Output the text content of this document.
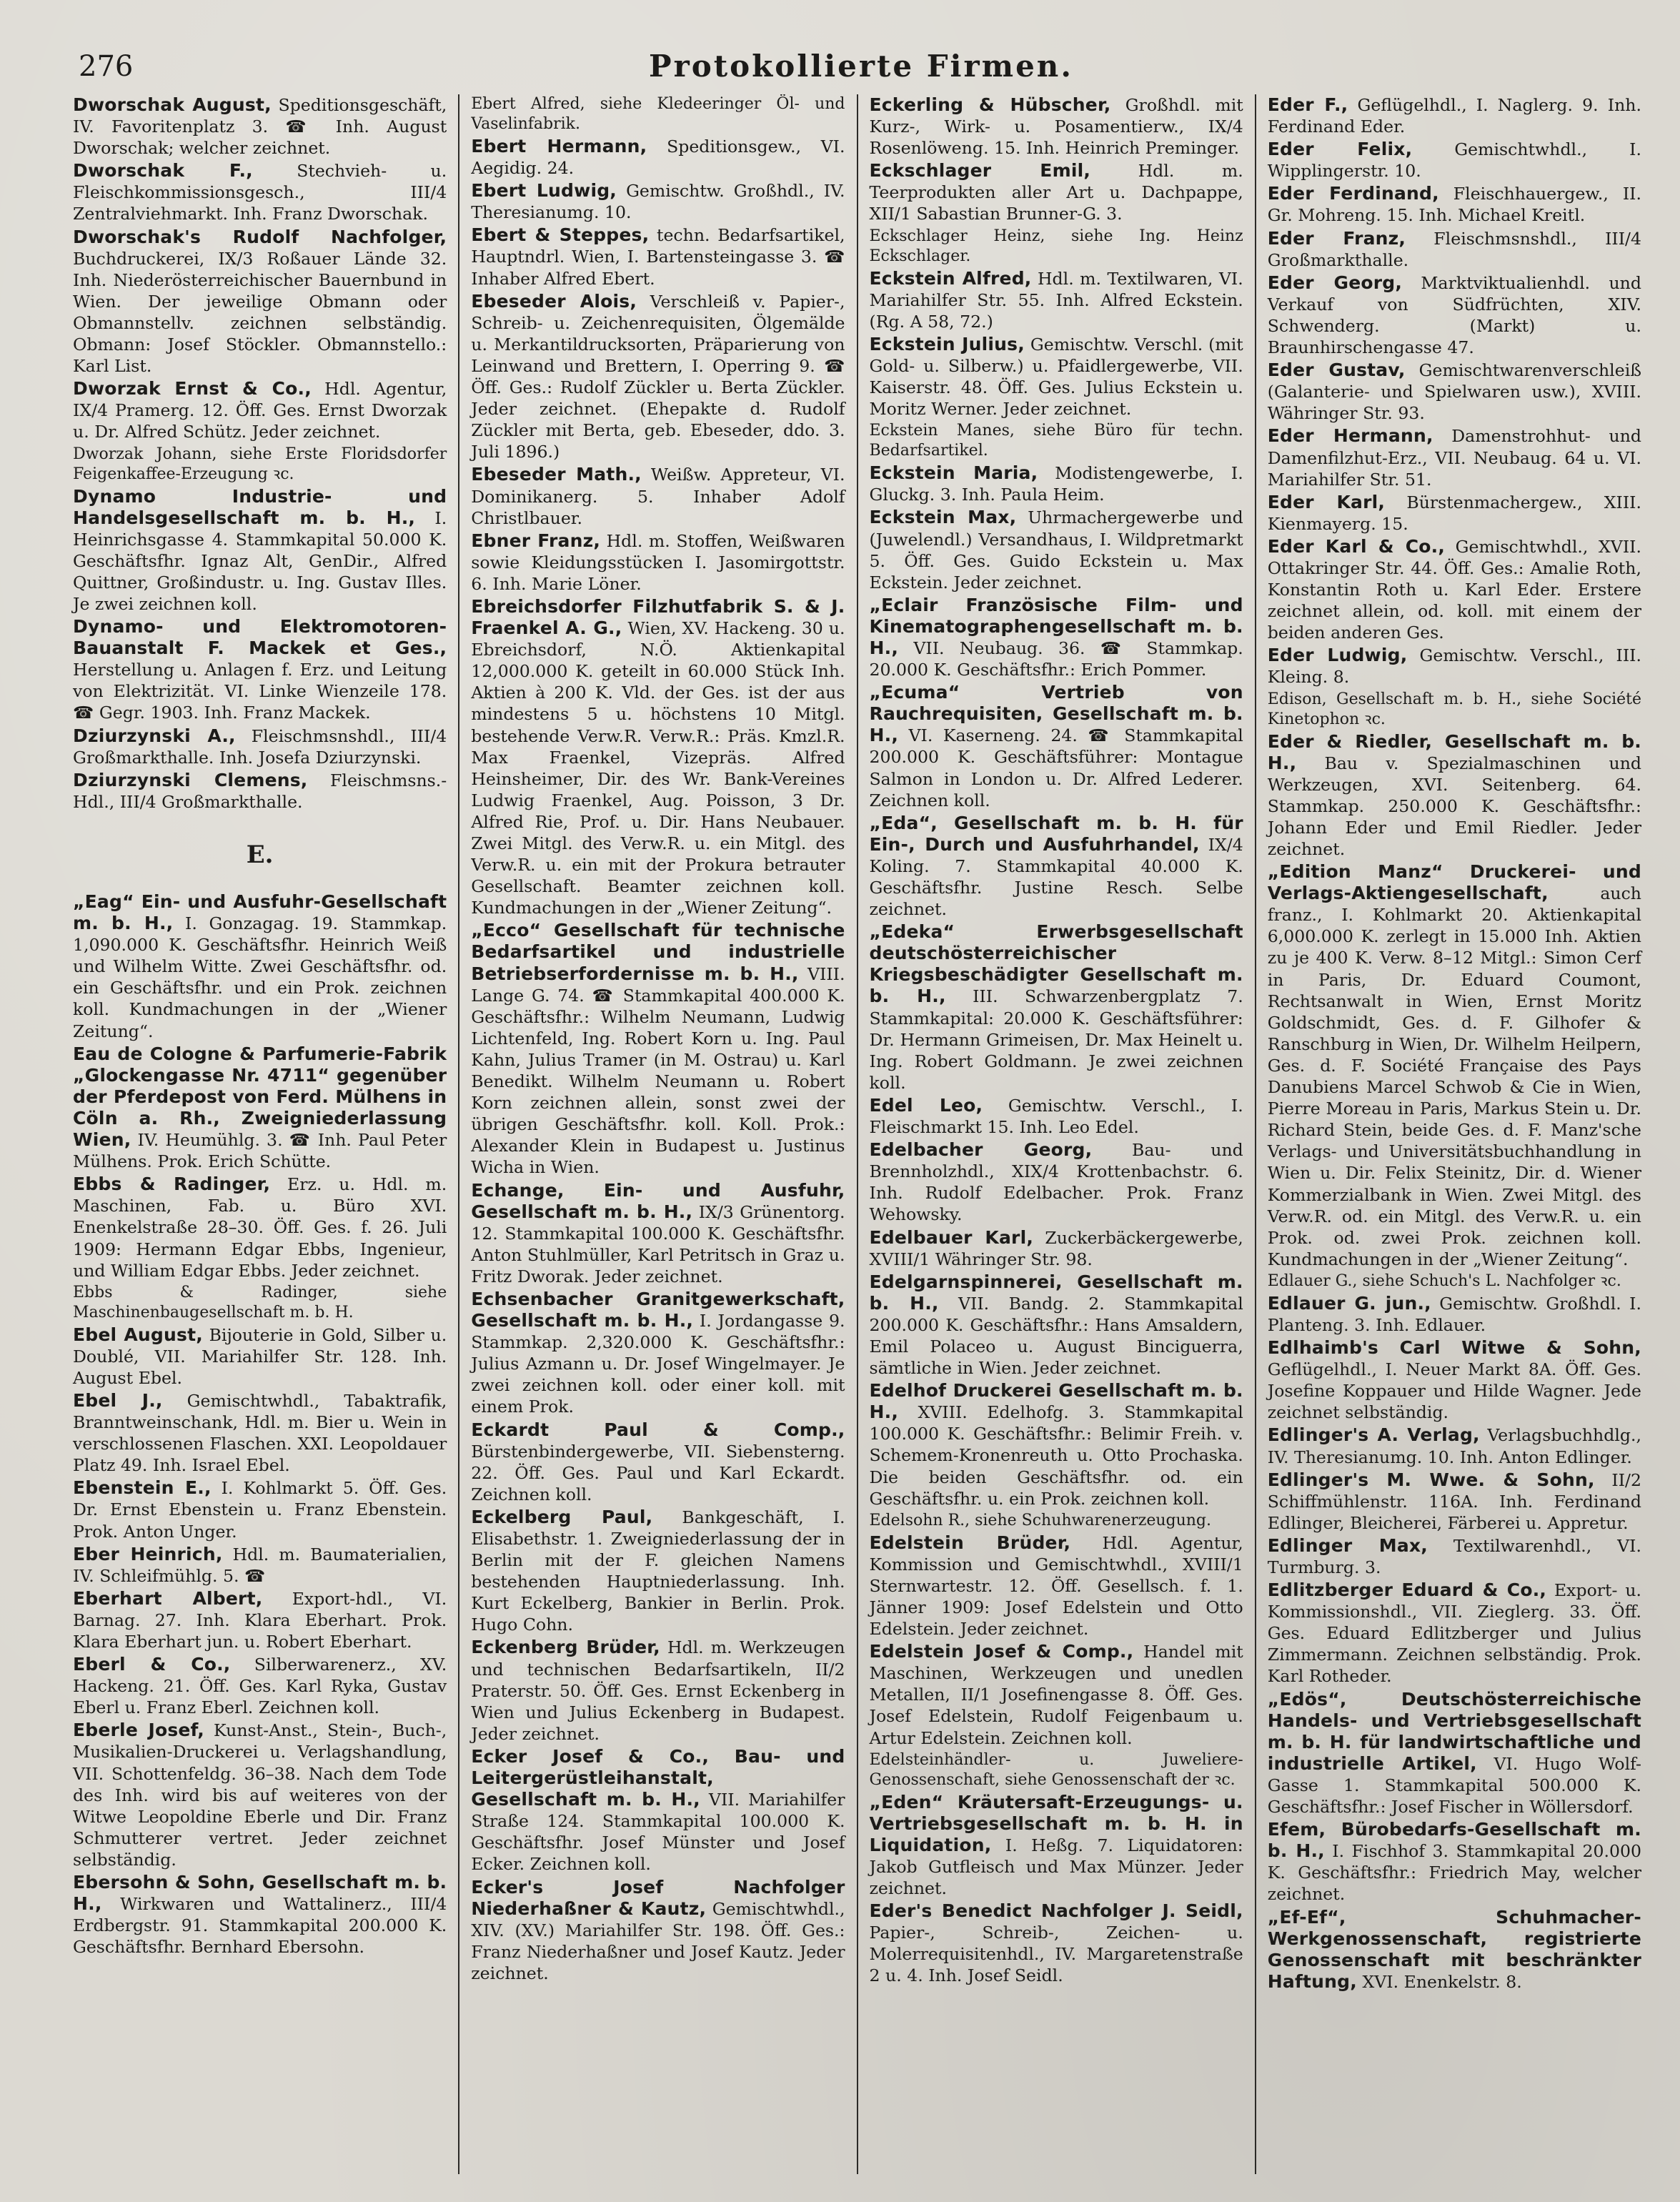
276	Protokollierte Firmen.

Dworschak August, Speditionsgeschäft, IV. Favoritenplatz 3. ☎ Inh. August Dworschak; welcher zeichnet.

Dworschak F., Stechvieh- u. Fleischkommissionsgesch., III/4 Zentralviehmarkt. Inh. Franz Dworschak.

Dworschak's Rudolf Nachfolger, Buchdruckerei, IX/3 Roßauer Lände 32. Inh. Niederösterreichischer Bauernbund in Wien. Der jeweilige Obmann oder Obmannstellv. zeichnen selbständig. Obmann: Josef Stöckler. Obmannstello.: Karl List.

Dworzak Ernst & Co., Hdl. Agentur, IX/4 Pramerg. 12. Öff. Ges. Ernst Dworzak u. Dr. Alfred Schütz. Jeder zeichnet.

Dworzak Johann, siehe Erste Floridsdorfer Feigenkaffee-Erzeugung ꝛc.

Dynamo Industrie- und Handelsgesellschaft m. b. H., I. Heinrichsgasse 4. Stammkapital 50.000 K. Geschäftsfhr. Ignaz Alt, GenDir., Alfred Quittner, Großindustr. u. Ing. Gustav Illes. Je zwei zeichnen koll.

Dynamo- und Elektromotoren-Bauanstalt F. Mackek et Ges., Herstellung u. Anlagen f. Erz. und Leitung von Elektrizität. VI. Linke Wienzeile 178. ☎ Gegr. 1903. Inh. Franz Mackek.

Dziurzynski A., Fleischmsnshdl., III/4 Großmarkthalle. Inh. Josefa Dziurzynski.

Dziurzynski Clemens, Fleischmsns.-Hdl., III/4 Großmarkthalle.

E.

„Eag“ Ein- und Ausfuhr-Gesellschaft m. b. H., I. Gonzagag. 19. Stammkap. 1,090.000 K. Geschäftsfhr. Heinrich Weiß und Wilhelm Witte. Zwei Geschäftsfhr. od. ein Geschäftsfhr. und ein Prok. zeichnen koll. Kundmachungen in der „Wiener Zeitung“.

Eau de Cologne & Parfumerie-Fabrik „Glockengasse Nr. 4711“ gegenüber der Pferdepost von Ferd. Mülhens in Cöln a. Rh., Zweigniederlassung Wien, IV. Heumühlg. 3. ☎ Inh. Paul Peter Mülhens. Prok. Erich Schütte.

Ebbs & Radinger, Erz. u. Hdl. m. Maschinen, Fab. u. Büro XVI. Enenkelstraße 28–30. Öff. Ges. f. 26. Juli 1909: Hermann Edgar Ebbs, Ingenieur, und William Edgar Ebbs. Jeder zeichnet.

Ebbs & Radinger, siehe Maschinenbaugesellschaft m. b. H.

Ebel August, Bijouterie in Gold, Silber u. Doublé, VII. Mariahilfer Str. 128. Inh. August Ebel.

Ebel J., Gemischtwhdl., Tabaktrafik, Branntweinschank, Hdl. m. Bier u. Wein in verschlossenen Flaschen. XXI. Leopoldauer Platz 49. Inh. Israel Ebel.

Ebenstein E., I. Kohlmarkt 5. Öff. Ges. Dr. Ernst Ebenstein u. Franz Ebenstein. Prok. Anton Unger.

Eber Heinrich, Hdl. m. Baumaterialien, IV. Schleifmühlg. 5. ☎

Eberhart Albert, Export-hdl., VI. Barnag. 27. Inh. Klara Eberhart. Prok. Klara Eberhart jun. u. Robert Eberhart.

Eberl & Co., Silberwarenerz., XV. Hackeng. 21. Öff. Ges. Karl Ryka, Gustav Eberl u. Franz Eberl. Zeichnen koll.

Eberle Josef, Kunst-Anst., Stein-, Buch-, Musikalien-Druckerei u. Verlagshandlung, VII. Schottenfeldg. 36–38. Nach dem Tode des Inh. wird bis auf weiteres von der Witwe Leopoldine Eberle und Dir. Franz Schmutterer vertret. Jeder zeichnet selbständig.

Ebersohn & Sohn, Gesellschaft m. b. H., Wirkwaren und Wattalinerz., III/4 Erdbergstr. 91. Stammkapital 200.000 K. Geschäftsfhr. Bernhard Ebersohn.

Ebert Alfred, siehe Kledeeringer Öl- und Vaselinfabrik.

Ebert Hermann, Speditionsgew., VI. Aegidig. 24.

Ebert Ludwig, Gemischtw. Großhdl., IV. Theresianumg. 10.

Ebert & Steppes, techn. Bedarfsartikel, Hauptndrl. Wien, I. Bartensteingasse 3. ☎ Inhaber Alfred Ebert.

Ebeseder Alois, Verschleiß v. Papier-, Schreib- u. Zeichenrequisiten, Ölgemälde u. Merkantildrucksorten, Präparierung von Leinwand und Brettern, I. Operring 9. ☎ Öff. Ges.: Rudolf Zückler u. Berta Zückler. Jeder zeichnet. (Ehepakte d. Rudolf Zückler mit Berta, geb. Ebeseder, ddo. 3. Juli 1896.)

Ebeseder Math., Weißw. Appreteur, VI. Dominikanerg. 5. Inhaber Adolf Christlbauer.

Ebner Franz, Hdl. m. Stoffen, Weißwaren sowie Kleidungsstücken I. Jasomirgottstr. 6. Inh. Marie Löner.

Ebreichsdorfer Filzhutfabrik S. & J. Fraenkel A. G., Wien, XV. Hackeng. 30 u. Ebreichsdorf, N.Ö. Aktienkapital 12,000.000 K. geteilt in 60.000 Stück Inh. Aktien à 200 K. Vld. der Ges. ist der aus mindestens 5 u. höchstens 10 Mitgl. bestehende Verw.R. Verw.R.: Präs. Kmzl.R. Max Fraenkel, Vizepräs. Alfred Heinsheimer, Dir. des Wr. Bank-Vereines Ludwig Fraenkel, Aug. Poisson, 3 Dr. Alfred Rie, Prof. u. Dir. Hans Neubauer. Zwei Mitgl. des Verw.R. u. ein Mitgl. des Verw.R. u. ein mit der Prokura betrauter Gesellschaft. Beamter zeichnen koll. Kundmachungen in der „Wiener Zeitung“.

„Ecco“ Gesellschaft für technische Bedarfsartikel und industrielle Betriebserfordernisse m. b. H., VIII. Lange G. 74. ☎ Stammkapital 400.000 K. Geschäftsfhr.: Wilhelm Neumann, Ludwig Lichtenfeld, Ing. Robert Korn u. Ing. Paul Kahn, Julius Tramer (in M. Ostrau) u. Karl Benedikt. Wilhelm Neumann u. Robert Korn zeichnen allein, sonst zwei der übrigen Geschäftsfhr. koll. Koll. Prok.: Alexander Klein in Budapest u. Justinus Wicha in Wien.

Echange, Ein- und Ausfuhr, Gesellschaft m. b. H., IX/3 Grünentorg. 12. Stammkapital 100.000 K. Geschäftsfhr. Anton Stuhlmüller, Karl Petritsch in Graz u. Fritz Dworak. Jeder zeichnet.

Echsenbacher Granitgewerkschaft, Gesellschaft m. b. H., I. Jordangasse 9. Stammkap. 2,320.000 K. Geschäftsfhr.: Julius Azmann u. Dr. Josef Wingelmayer. Je zwei zeichnen koll. oder einer koll. mit einem Prok.

Eckardt Paul & Comp., Bürstenbindergewerbe, VII. Siebensterng. 22. Öff. Ges. Paul und Karl Eckardt. Zeichnen koll.

Eckelberg Paul, Bankgeschäft, I. Elisabethstr. 1. Zweigniederlassung der in Berlin mit der F. gleichen Namens bestehenden Hauptniederlassung. Inh. Kurt Eckelberg, Bankier in Berlin. Prok. Hugo Cohn.

Eckenberg Brüder, Hdl. m. Werkzeugen und technischen Bedarfsartikeln, II/2 Praterstr. 50. Öff. Ges. Ernst Eckenberg in Wien und Julius Eckenberg in Budapest. Jeder zeichnet.

Ecker Josef & Co., Bau- und Leitergerüstleihanstalt, Gesellschaft m. b. H., VII. Mariahilfer Straße 124. Stammkapital 100.000 K. Geschäftsfhr. Josef Münster und Josef Ecker. Zeichnen koll.

Ecker's Josef Nachfolger Niederhaßner & Kautz, Gemischtwhdl., XIV. (XV.) Mariahilfer Str. 198. Öff. Ges.: Franz Niederhaßner und Josef Kautz. Jeder zeichnet.

Eckerling & Hübscher, Großhdl. mit Kurz-, Wirk- u. Posamentierw., IX/4 Rosenlöweng. 15. Inh. Heinrich Preminger.

Eckschlager Emil, Hdl. m. Teerprodukten aller Art u. Dachpappe, XII/1 Sabastian Brunner-G. 3.

Eckschlager Heinz, siehe Ing. Heinz Eckschlager.

Eckstein Alfred, Hdl. m. Textilwaren, VI. Mariahilfer Str. 55. Inh. Alfred Eckstein. (Rg. A 58, 72.)

Eckstein Julius, Gemischtw. Verschl. (mit Gold- u. Silberw.) u. Pfaidlergewerbe, VII. Kaiserstr. 48. Öff. Ges. Julius Eckstein u. Moritz Werner. Jeder zeichnet.

Eckstein Manes, siehe Büro für techn. Bedarfsartikel.

Eckstein Maria, Modistengewerbe, I. Gluckg. 3. Inh. Paula Heim.

Eckstein Max, Uhrmachergewerbe und (Juwelendl.) Versandhaus, I. Wildpretmarkt 5. Öff. Ges. Guido Eckstein u. Max Eckstein. Jeder zeichnet.

„Eclair Französische Film- und Kinematographengesellschaft m. b. H., VII. Neubaug. 36. ☎ Stammkap. 20.000 K. Geschäftsfhr.: Erich Pommer.

„Ecuma“ Vertrieb von Rauchrequisiten, Gesellschaft m. b. H., VI. Kaserneng. 24. ☎ Stammkapital 200.000 K. Geschäftsführer: Montague Salmon in London u. Dr. Alfred Lederer. Zeichnen koll.

„Eda“, Gesellschaft m. b. H. für Ein-, Durch und Ausfuhrhandel, IX/4 Koling. 7. Stammkapital 40.000 K. Geschäftsfhr. Justine Resch. Selbe zeichnet.

„Edeka“ Erwerbsgesellschaft deutschösterreichischer Kriegsbeschädigter Gesellschaft m. b. H., III. Schwarzenbergplatz 7. Stammkapital: 20.000 K. Geschäftsführer: Dr. Hermann Grimeisen, Dr. Max Heinelt u. Ing. Robert Goldmann. Je zwei zeichnen koll.

Edel Leo, Gemischtw. Verschl., I. Fleischmarkt 15. Inh. Leo Edel.

Edelbacher Georg, Bau- und Brennholzhdl., XIX/4 Krottenbachstr. 6. Inh. Rudolf Edelbacher. Prok. Franz Wehowsky.

Edelbauer Karl, Zuckerbäckergewerbe, XVIII/1 Währinger Str. 98.

Edelgarnspinnerei, Gesellschaft m. b. H., VII. Bandg. 2. Stammkapital 200.000 K. Geschäftsfhr.: Hans Amsaldern, Emil Polaceo u. August Binciguerra, sämtliche in Wien. Jeder zeichnet.

Edelhof Druckerei Gesellschaft m. b. H., XVIII. Edelhofg. 3. Stammkapital 100.000 K. Geschäftsfhr.: Belimir Freih. v. Schemem-Kronenreuth u. Otto Prochaska. Die beiden Geschäftsfhr. od. ein Geschäftsfhr. u. ein Prok. zeichnen koll.

Edelsohn R., siehe Schuhwarenerzeugung.

Edelstein Brüder, Hdl. Agentur, Kommission und Gemischtwhdl., XVIII/1 Sternwartestr. 12. Öff. Gesellsch. f. 1. Jänner 1909: Josef Edelstein und Otto Edelstein. Jeder zeichnet.

Edelstein Josef & Comp., Handel mit Maschinen, Werkzeugen und unedlen Metallen, II/1 Josefinengasse 8. Öff. Ges. Josef Edelstein, Rudolf Feigenbaum u. Artur Edelstein. Zeichnen koll.

Edelsteinhändler- u. Juweliere-Genossenschaft, siehe Genossenschaft der ꝛc.

„Eden“ Kräutersaft-Erzeugungs- u. Vertriebsgesellschaft m. b. H. in Liquidation, I. Heßg. 7. Liquidatoren: Jakob Gutfleisch und Max Münzer. Jeder zeichnet.

Eder's Benedict Nachfolger J. Seidl, Papier-, Schreib-, Zeichen- u. Molerrequisitenhdl., IV. Margaretenstraße 2 u. 4. Inh. Josef Seidl.

Eder F., Geflügelhdl., I. Naglerg. 9. Inh. Ferdinand Eder.

Eder Felix, Gemischtwhdl., I. Wipplingerstr. 10.

Eder Ferdinand, Fleischhauergew., II. Gr. Mohreng. 15. Inh. Michael Kreitl.

Eder Franz, Fleischmsnshdl., III/4 Großmarkthalle.

Eder Georg, Marktviktualienhdl. und Verkauf von Südfrüchten, XIV. Schwenderg. (Markt) u. Braunhirschengasse 47.

Eder Gustav, Gemischtwarenverschleiß (Galanterie- und Spielwaren usw.), XVIII. Währinger Str. 93.

Eder Hermann, Damenstrohhut- und Damenfilzhut-Erz., VII. Neubaug. 64 u. VI. Mariahilfer Str. 51.

Eder Karl, Bürstenmachergew., XIII. Kienmayerg. 15.

Eder Karl & Co., Gemischtwhdl., XVII. Ottakringer Str. 44. Öff. Ges.: Amalie Roth, Konstantin Roth u. Karl Eder. Erstere zeichnet allein, od. koll. mit einem der beiden anderen Ges.

Eder Ludwig, Gemischtw. Verschl., III. Kleing. 8.

Edison, Gesellschaft m. b. H., siehe Société Kinetophon ꝛc.

Eder & Riedler, Gesellschaft m. b. H., Bau v. Spezialmaschinen und Werkzeugen, XVI. Seitenberg. 64. Stammkap. 250.000 K. Geschäftsfhr.: Johann Eder und Emil Riedler. Jeder zeichnet.

„Edition Manz“ Druckerei- und Verlags-Aktiengesellschaft, auch franz., I. Kohlmarkt 20. Aktienkapital 6,000.000 K. zerlegt in 15.000 Inh. Aktien zu je 400 K. Verw. 8–12 Mitgl.: Simon Cerf in Paris, Dr. Eduard Coumont, Rechtsanwalt in Wien, Ernst Moritz Goldschmidt, Ges. d. F. Gilhofer & Ranschburg in Wien, Dr. Wilhelm Heilpern, Ges. d. F. Société Française des Pays Danubiens Marcel Schwob & Cie in Wien, Pierre Moreau in Paris, Markus Stein u. Dr. Richard Stein, beide Ges. d. F. Manz'sche Verlags- und Universitätsbuchhandlung in Wien u. Dir. Felix Steinitz, Dir. d. Wiener Kommerzialbank in Wien. Zwei Mitgl. des Verw.R. od. ein Mitgl. des Verw.R. u. ein Prok. od. zwei Prok. zeichnen koll. Kundmachungen in der „Wiener Zeitung“.

Edlauer G., siehe Schuch's L. Nachfolger ꝛc.

Edlauer G. jun., Gemischtw. Großhdl. I. Planteng. 3. Inh. Edlauer.

Edlhaimb's Carl Witwe & Sohn, Geflügelhdl., I. Neuer Markt 8A. Öff. Ges. Josefine Koppauer und Hilde Wagner. Jede zeichnet selbständig.

Edlinger's A. Verlag, Verlagsbuchhdlg., IV. Theresianumg. 10. Inh. Anton Edlinger.

Edlinger's M. Wwe. & Sohn, II/2 Schiffmühlenstr. 116A. Inh. Ferdinand Edlinger, Bleicherei, Färberei u. Appretur.

Edlinger Max, Textilwarenhdl., VI. Turmburg. 3.

Edlitzberger Eduard & Co., Export- u. Kommissionshdl., VII. Zieglerg. 33. Öff. Ges. Eduard Edlitzberger und Julius Zimmermann. Zeichnen selbständig. Prok. Karl Rotheder.

„Edös“, Deutschösterreichische Handels- und Vertriebsgesellschaft m. b. H. für landwirtschaftliche und industrielle Artikel, VI. Hugo Wolf-Gasse 1. Stammkapital 500.000 K. Geschäftsfhr.: Josef Fischer in Wöllersdorf.

Efem, Bürobedarfs-Gesellschaft m. b. H., I. Fischhof 3. Stammkapital 20.000 K. Geschäftsfhr.: Friedrich May, welcher zeichnet.

„Ef-Ef“, Schuhmacher-Werkgenossenschaft, registrierte Genossenschaft mit beschränkter Haftung, XVI. Enenkelstr. 8.
